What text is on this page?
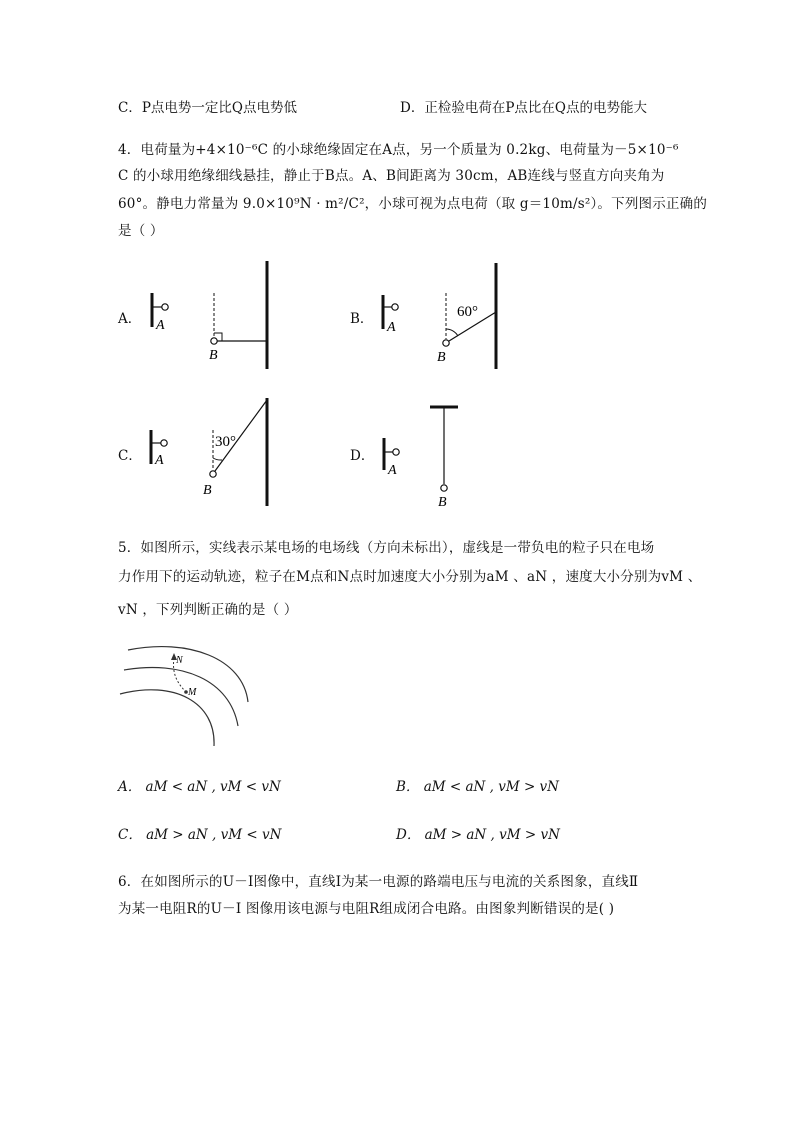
C．P点电势一定比Q点电势低	D．正检验电荷在P点比在Q点的电势能大
4．电荷量为+4×10⁻⁶C 的小球绝缘固定在A点，另一个质量为 0.2kg、电荷量为－5×10⁻⁶
C 的小球用绝缘细线悬挂，静止于B点。A、B间距离为 30cm，AB连线与竖直方向夹角为
60°。静电力常量为 9.0×10⁹N · m²/C²，小球可视为点电荷（取 g＝10m/s²）。下列图示正确的
是（ ）
A． A
B
B．
A
B
60°
C． A
B
30°
D．
A
B
5．如图所示，实线表示某电场的电场线（方向未标出），虚线是一带负电的粒子只在电场
力作用下的运动轨迹，粒子在M点和N点时加速度大小分别为aM 、aN ，速度大小分别为vM 、
vN ，下列判断正确的是（ ）
N
M
A． aM < aN , vM < vN	B． aM < aN , vM > vN
C． aM > aN , vM < vN	D． aM > aN , vM > vN
6．在如图所示的U－I图像中，直线Ⅰ为某一电源的路端电压与电流的关系图象，直线Ⅱ
为某一电阻R的U－I 图像用该电源与电阻R组成闭合电路。由图象判断错误的是( )
